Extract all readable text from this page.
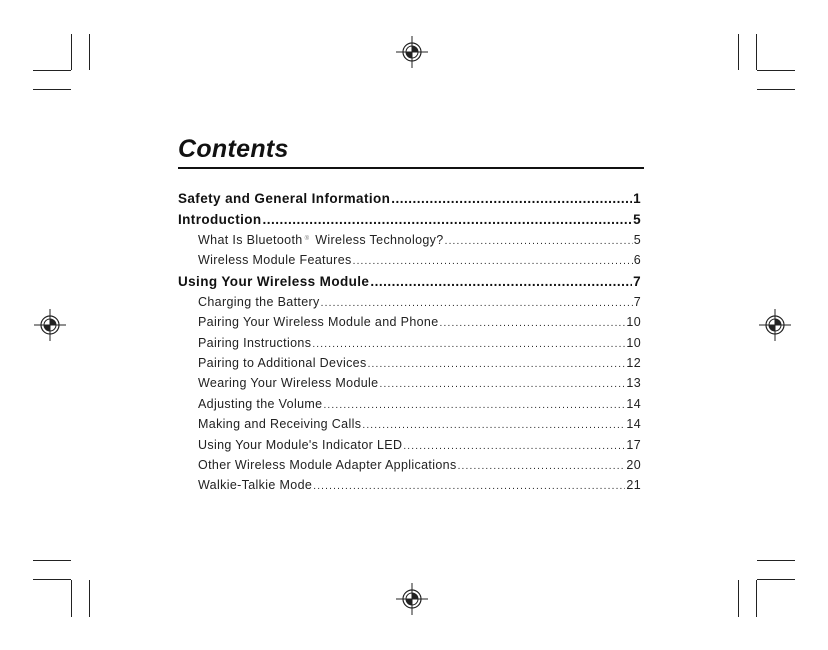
Contents
Safety and General Information .....	1
Introduction .....	5
What Is Bluetooth ® Wireless Technology? .....	5
Wireless Module Features .....	6
Using Your Wireless Module .....	7
Charging the Battery .....	7
Pairing Your Wireless Module and Phone .....	10
Pairing Instructions .....	10
Pairing to Additional Devices .....	12
Wearing Your Wireless Module .....	13
Adjusting the Volume .....	14
Making and Receiving Calls .....	14
Using Your Module's Indicator LED .....	17
Other Wireless Module Adapter Applications .....	20
Walkie-Talkie Mode .....	21
